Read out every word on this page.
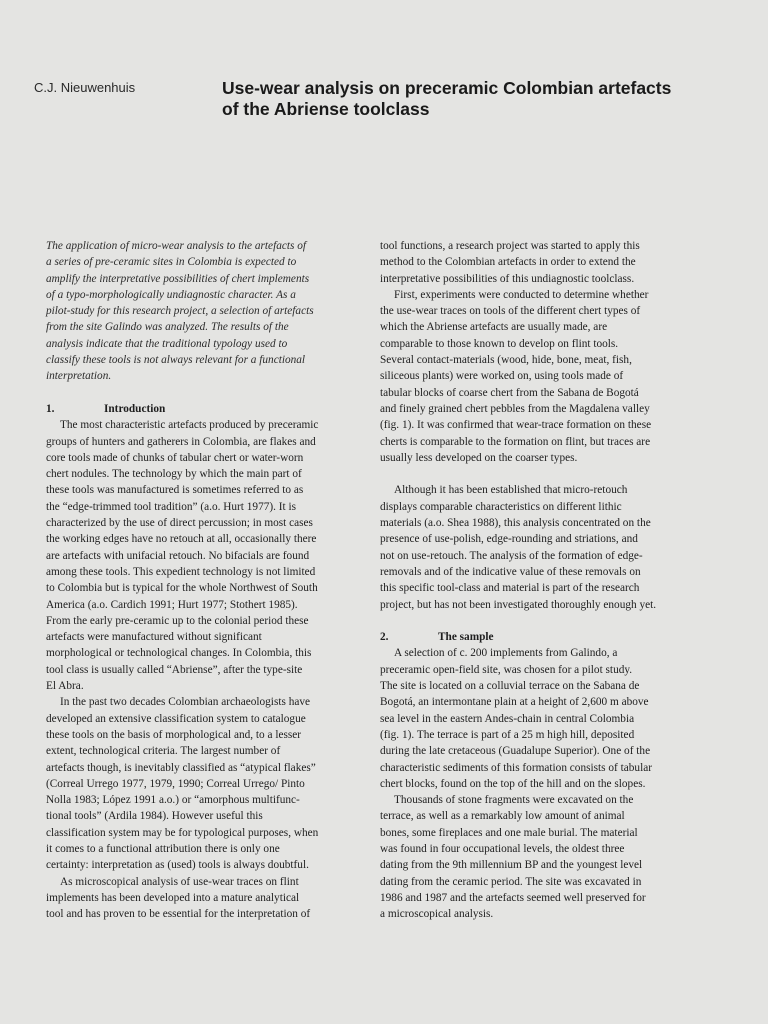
C.J. Nieuwenhuis	Use-wear analysis on preceramic Colombian artefacts
of the Abriense toolclass
The application of micro-wear analysis to the artefacts of
a series of pre-ceramic sites in Colombia is expected to
amplify the interpretative possibilities of chert implements
of a typo-morphologically undiagnostic character. As a
pilot-study for this research project, a selection of artefacts
from the site Galindo was analyzed. The results of the
analysis indicate that the traditional typology used to
classify these tools is not always relevant for a functional
interpretation.
1.	Introduction
The most characteristic artefacts produced by preceramic
groups of hunters and gatherers in Colombia, are flakes and
core tools made of chunks of tabular chert or water-worn
chert nodules. The technology by which the main part of
these tools was manufactured is sometimes referred to as
the “edge-trimmed tool tradition” (a.o. Hurt 1977). It is
characterized by the use of direct percussion; in most cases
the working edges have no retouch at all, occasionally there
are artefacts with unifacial retouch. No bifacials are found
among these tools. This expedient technology is not limited
to Colombia but is typical for the whole Northwest of South
America (a.o. Cardich 1991; Hurt 1977; Stothert 1985).
From the early pre-ceramic up to the colonial period these
artefacts were manufactured without significant
morphological or technological changes. In Colombia, this
tool class is usually called “Abriense”, after the type-site
El Abra.
In the past two decades Colombian archaeologists have
developed an extensive classification system to catalogue
these tools on the basis of morphological and, to a lesser
extent, technological criteria. The largest number of
artefacts though, is inevitably classified as “atypical flakes”
(Correal Urrego 1977, 1979, 1990; Correal Urrego/ Pinto
Nolla 1983; López 1991 a.o.) or “amorphous multifunc-
tional tools” (Ardila 1984). However useful this
classification system may be for typological purposes, when
it comes to a functional attribution there is only one
certainty: interpretation as (used) tools is always doubtful.
As microscopical analysis of use-wear traces on flint
implements has been developed into a mature analytical
tool and has proven to be essential for the interpretation of
tool functions, a research project was started to apply this
method to the Colombian artefacts in order to extend the
interpretative possibilities of this undiagnostic toolclass.
First, experiments were conducted to determine whether
the use-wear traces on tools of the different chert types of
which the Abriense artefacts are usually made, are
comparable to those known to develop on flint tools.
Several contact-materials (wood, hide, bone, meat, fish,
siliceous plants) were worked on, using tools made of
tabular blocks of coarse chert from the Sabana de Bogotá
and finely grained chert pebbles from the Magdalena valley
(fig. 1). It was confirmed that wear-trace formation on these
cherts is comparable to the formation on flint, but traces are
usually less developed on the coarser types.
Although it has been established that micro-retouch
displays comparable characteristics on different lithic
materials (a.o. Shea 1988), this analysis concentrated on the
presence of use-polish, edge-rounding and striations, and
not on use-retouch. The analysis of the formation of edge-
removals and of the indicative value of these removals on
this specific tool-class and material is part of the research
project, but has not been investigated thoroughly enough yet.
2.	The sample
A selection of c. 200 implements from Galindo, a
preceramic open-field site, was chosen for a pilot study.
The site is located on a colluvial terrace on the Sabana de
Bogotá, an intermontane plain at a height of 2,600 m above
sea level in the eastern Andes-chain in central Colombia
(fig. 1). The terrace is part of a 25 m high hill, deposited
during the late cretaceous (Guadalupe Superior). One of the
characteristic sediments of this formation consists of tabular
chert blocks, found on the top of the hill and on the slopes.
Thousands of stone fragments were excavated on the
terrace, as well as a remarkably low amount of animal
bones, some fireplaces and one male burial. The material
was found in four occupational levels, the oldest three
dating from the 9th millennium BP and the youngest level
dating from the ceramic period. The site was excavated in
1986 and 1987 and the artefacts seemed well preserved for
a microscopical analysis.
